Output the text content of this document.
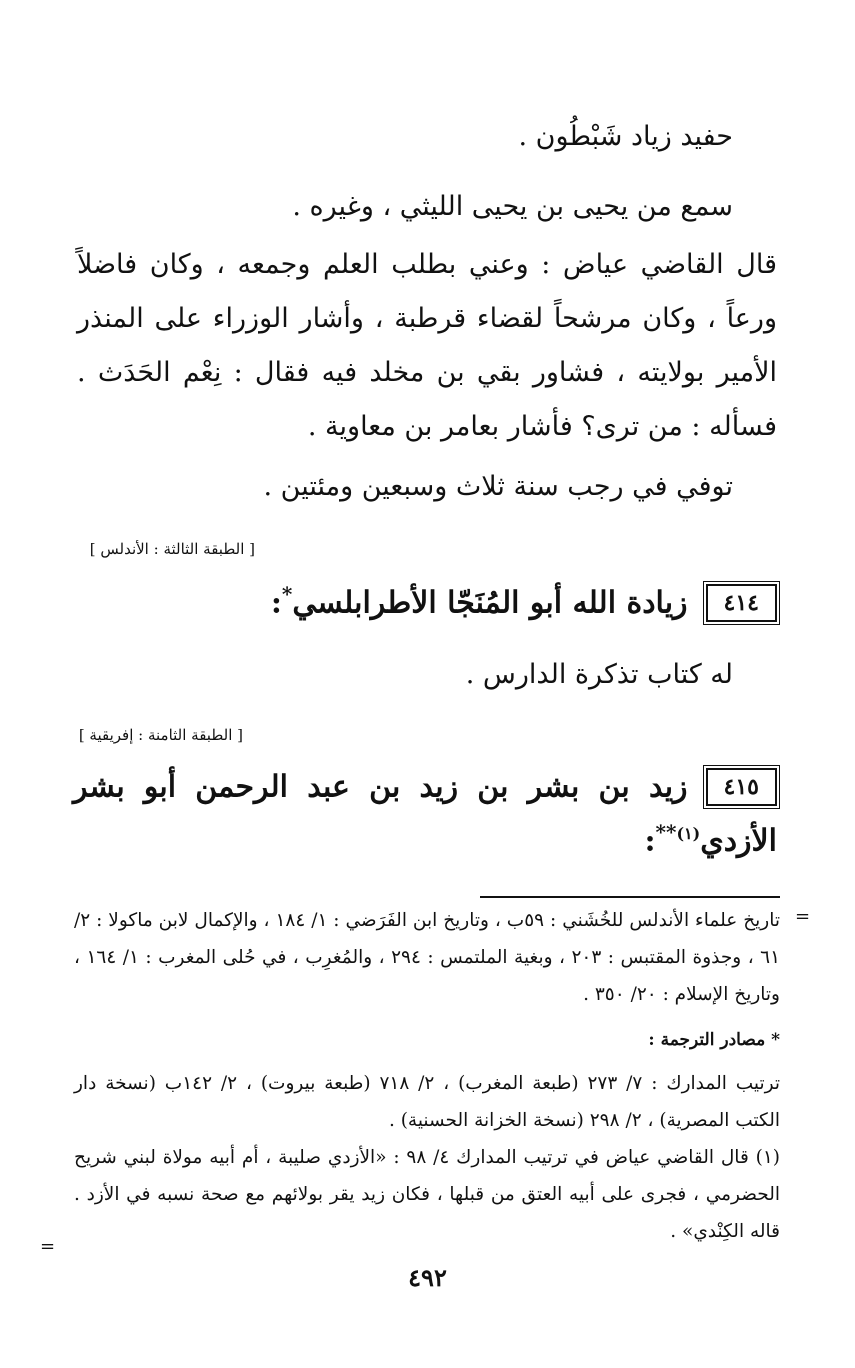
حفيد زياد شَبْطُون .
سمع من يحيى بن يحيى الليثي ، وغيره .
قال القاضي عياض : وعني بطلب العلم وجمعه ، وكان فاضلاً ورعاً ، وكان مرشحاً لقضاء قرطبة ، وأشار الوزراء على المنذر الأمير بولايته ، فشاور بقي بن مخلد فيه فقال : نِعْم الحَدَث . فسأله : من ترى؟ فأشار بعامر بن معاوية .
توفي في رجب سنة ثلاث وسبعين ومئتين .
[ الطبقة الثالثة : الأندلس ]
٤١٤زيادة الله أبو المُنَجّا الأطرابلسي*:
له كتاب تذكرة الدارس .
[ الطبقة الثامنة : إفريقية ]
٤١٥زيد بن بشر بن زيد بن عبد الرحمن أبو بشر
الأزدي$^{(١)**}$:
=
تاريخ علماء الأندلس للخُشَني : ٥٩ب ، وتاريخ ابن الفَرَضي : ١/ ١٨٤ ، والإكمال لابن ماكولا : ٢/ ٦١ ، وجذوة المقتبس : ٢٠٣ ، وبغية الملتمس : ٢٩٤ ، والمُغرِب ، في حُلى المغرب : ١/ ١٦٤ ، وتاريخ الإسلام : ٢٠/ ٣٥٠ .
* مصادر الترجمة :
ترتيب المدارك : ٧/ ٢٧٣ (طبعة المغرب) ، ٢/ ٧١٨ (طبعة بيروت) ، ٢/ ١٤٢ب (نسخة دار الكتب المصرية) ، ٢/ ٢٩٨ (نسخة الخزانة الحسنية) .
(١) قال القاضي عياض في ترتيب المدارك ٤/ ٩٨ : «الأزدي صليبة ، أم أبيه مولاة لبني شريح الحضرمي ، فجرى على أبيه العتق من قبلها ، فكان زيد يقر بولائهم مع صحة نسبه في الأزد . قاله الكِنْدي» .
=
٤٩٢
